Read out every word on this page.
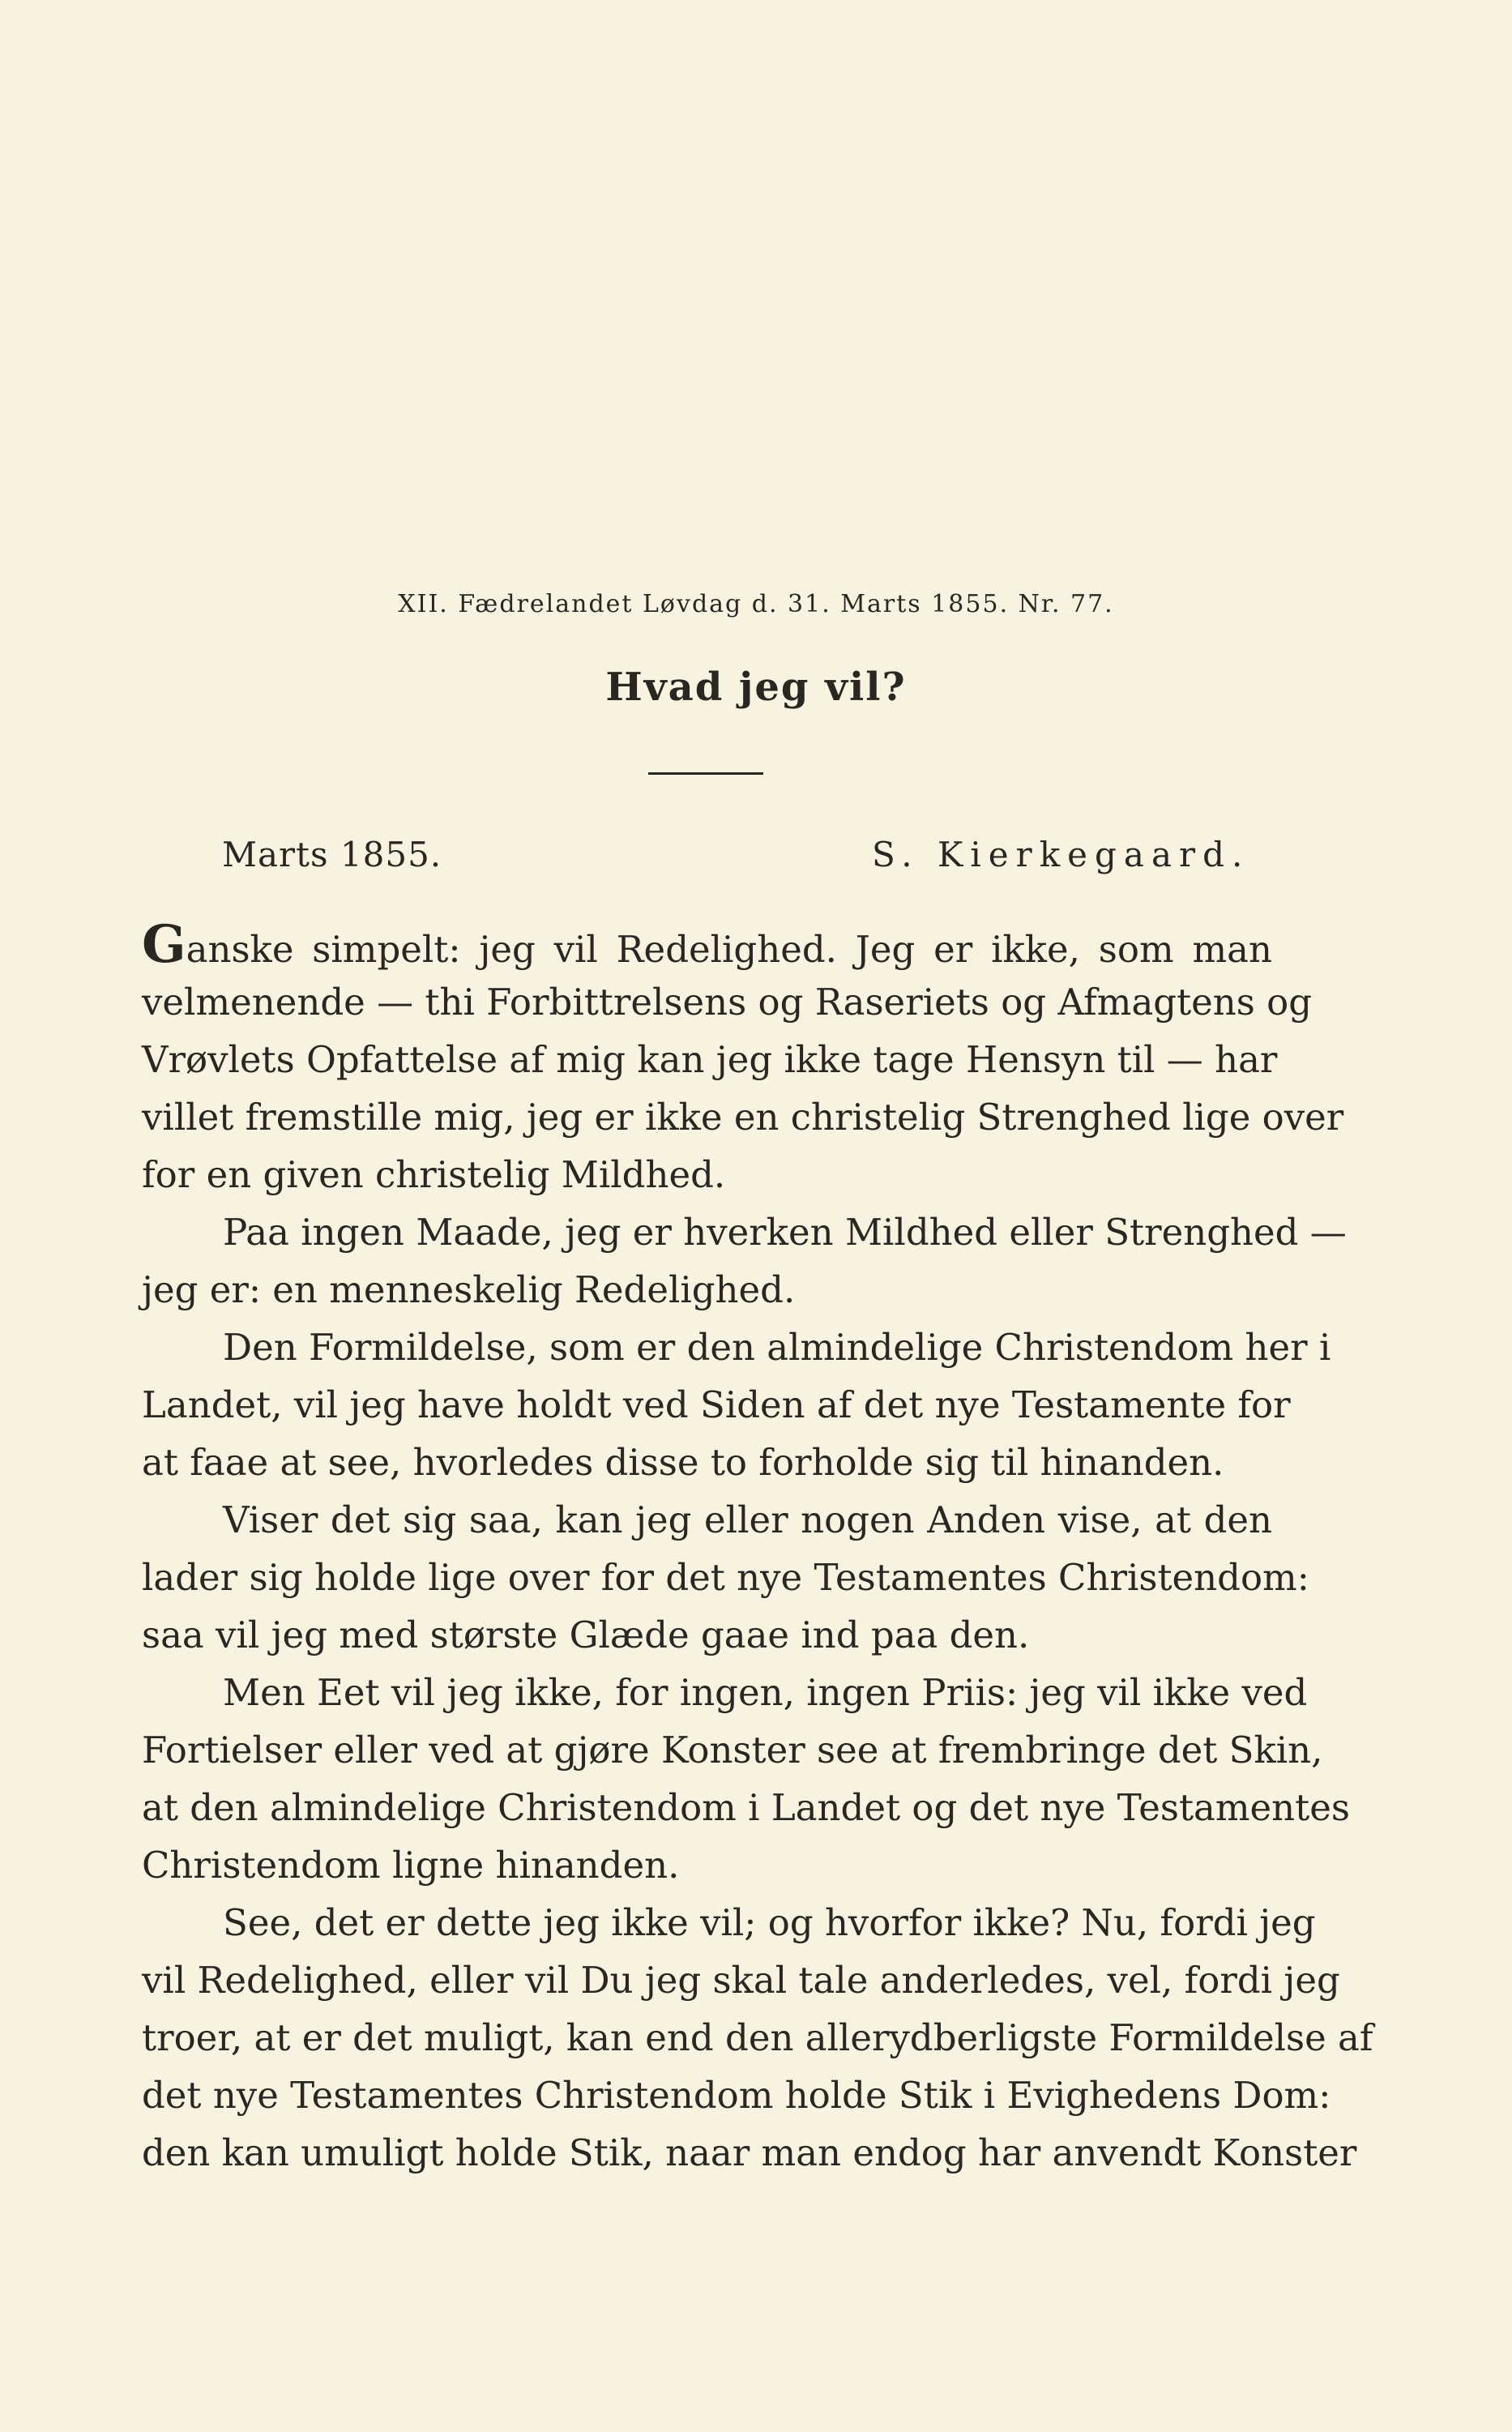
XII. Fædrelandet Løvdag d. 31. Marts 1855. Nr. 77.
Hvad jeg vil?
Marts 1855.	S. Kierkegaard.
Ganske simpelt: jeg vil Redelighed. Jeg er ikke, som man
velmenende — thi Forbittrelsens og Raseriets og Afmagtens og
Vrøvlets Opfattelse af mig kan jeg ikke tage Hensyn til — har
villet fremstille mig, jeg er ikke en christelig Strenghed lige over
for en given christelig Mildhed.
Paa ingen Maade, jeg er hverken Mildhed eller Strenghed —
jeg er: en menneskelig Redelighed.
Den Formildelse, som er den almindelige Christendom her i
Landet, vil jeg have holdt ved Siden af det nye Testamente for
at faae at see, hvorledes disse to forholde sig til hinanden.
Viser det sig saa, kan jeg eller nogen Anden vise, at den
lader sig holde lige over for det nye Testamentes Christendom:
saa vil jeg med største Glæde gaae ind paa den.
Men Eet vil jeg ikke, for ingen, ingen Priis: jeg vil ikke ved
Fortielser eller ved at gjøre Konster see at frembringe det Skin,
at den almindelige Christendom i Landet og det nye Testamentes
Christendom ligne hinanden.
See, det er dette jeg ikke vil; og hvorfor ikke? Nu, fordi jeg
vil Redelighed, eller vil Du jeg skal tale anderledes, vel, fordi jeg
troer, at er det muligt, kan end den allerydberligste Formildelse af
det nye Testamentes Christendom holde Stik i Evighedens Dom:
den kan umuligt holde Stik, naar man endog har anvendt Konster
